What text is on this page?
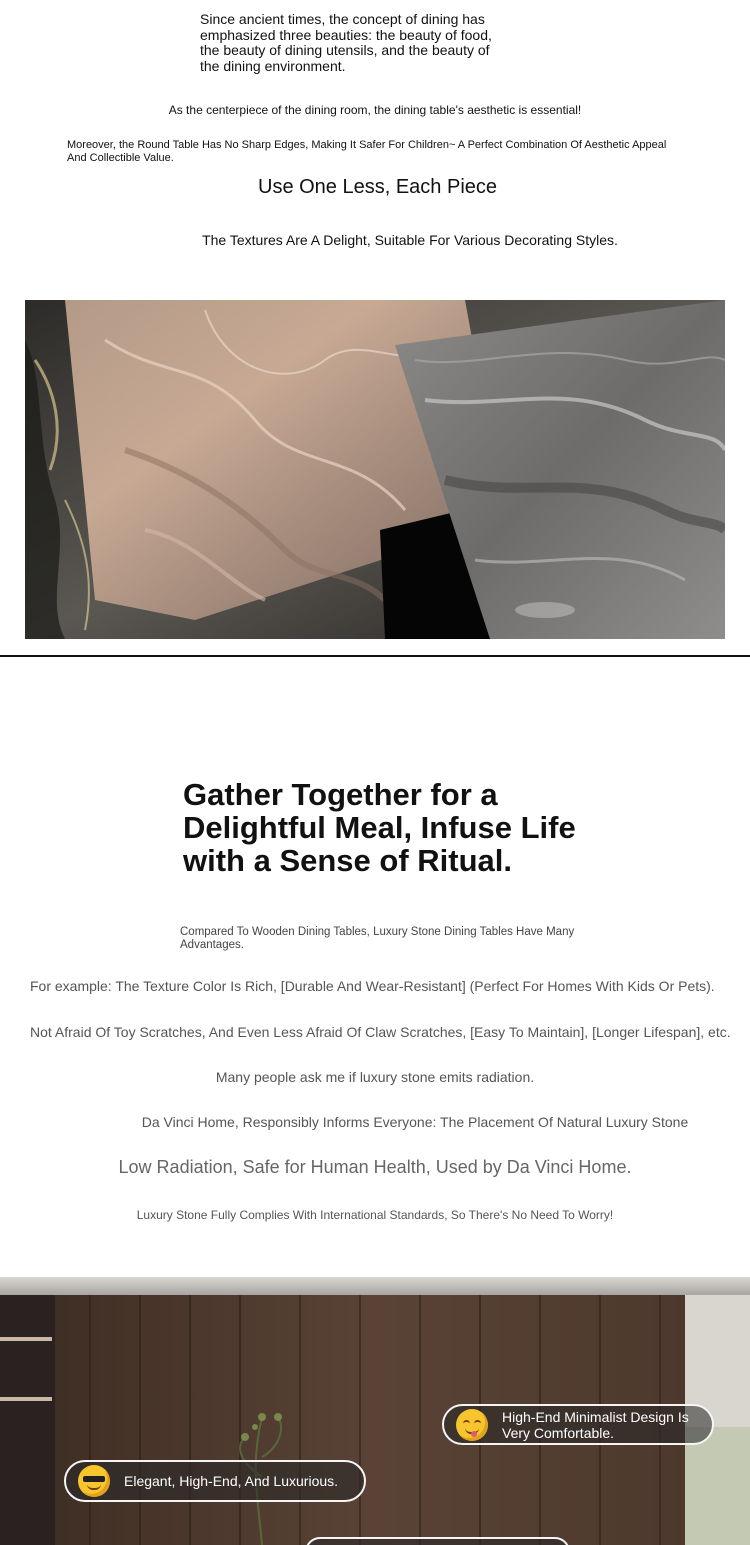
Since ancient times, the concept of dining has emphasized three beauties: the beauty of food, the beauty of dining utensils, and the beauty of the dining environment.
As the centerpiece of the dining room, the dining table's aesthetic is essential!
Moreover, the Round Table Has No Sharp Edges, Making It Safer For Children~ A Perfect Combination Of Aesthetic Appeal And Collectible Value.
Use One Less, Each Piece
The Textures Are A Delight, Suitable For Various Decorating Styles.
Gather Together for a Delightful Meal, Infuse Life with a Sense of Ritual.
Compared To Wooden Dining Tables, Luxury Stone Dining Tables Have Many Advantages.
For example: The Texture Color Is Rich, [Durable And Wear-Resistant] (Perfect For Homes With Kids Or Pets).
Not Afraid Of Toy Scratches, And Even Less Afraid Of Claw Scratches, [Easy To Maintain], [Longer Lifespan], etc.
Many people ask me if luxury stone emits radiation.
Da Vinci Home, Responsibly Informs Everyone: The Placement Of Natural Luxury Stone
Low Radiation, Safe for Human Health, Used by Da Vinci Home.
Luxury Stone Fully Complies With International Standards, So There's No Need To Worry!
High-End Minimalist Design Is Very Comfortable.
Elegant, High-End, And Luxurious.
